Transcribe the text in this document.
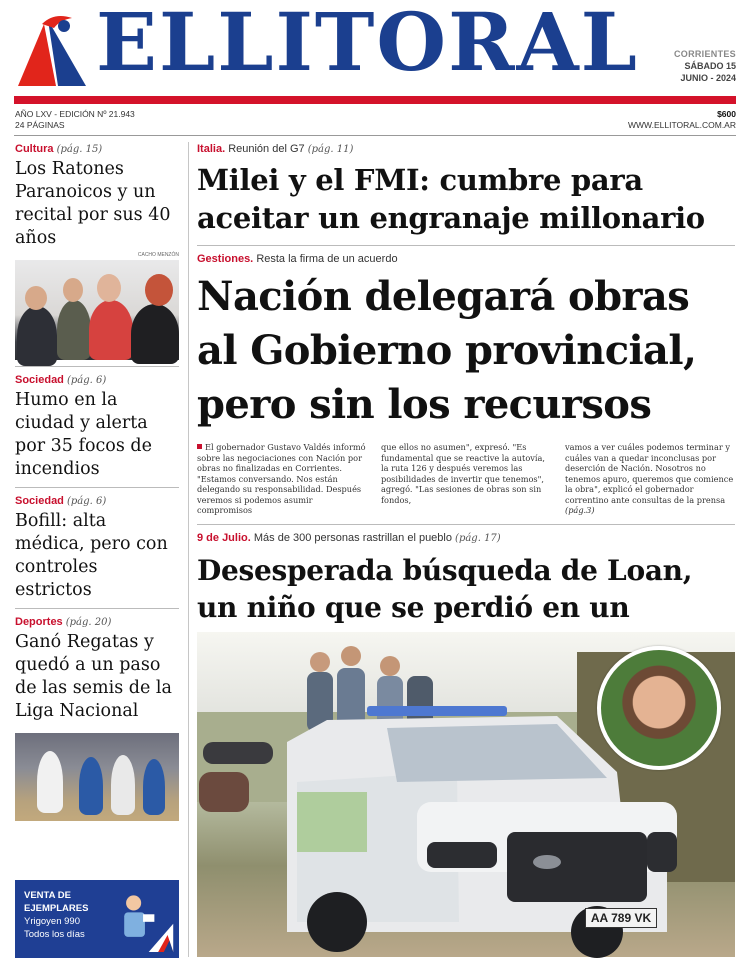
ELLITORAL	CORRIENTES
SÁBADO 15
JUNIO - 2024
AÑO LXV - EDICIÓN Nº 21.943
24 PÁGINAS
$600
WWW.ELLITORAL.COM.AR
Cultura (pág. 15)
Los Ratones Paranoicos y un recital por sus 40 años
CACHO MENZÓN
Sociedad (pág. 6)
Humo en la ciudad y alerta por 35 focos de incendios
Sociedad (pág. 6)
Bofill: alta médica, pero con controles estrictos
Deportes (pág. 20)
Ganó Regatas y quedó a un paso de las semis de la Liga Nacional
VENTA DE
EJEMPLARES
Yrigoyen 990
Todos los días
Italia. Reunión del G7 (pág. 11)
Milei y el FMI: cumbre para aceitar un engranaje millonario
Gestiones. Resta la firma de un acuerdo
Nación delegará obras al Gobierno provincial, pero sin los recursos
El gobernador Gustavo Valdés informó sobre las negociaciones con Nación por obras no finalizadas en Corrientes. "Estamos conversando. Nos están delegando su responsabilidad. Después veremos si podemos asumir compromisos
que ellos no asumen", expresó. "Es fundamental que se reactive la autovía, la ruta 126 y después veremos las posibilidades de invertir que tenemos", agregó. "Las sesiones de obras son sin fondos,
vamos a ver cuáles podemos terminar y cuáles van a quedar inconclusas por deserción de Nación. Nosotros no tenemos apuro, queremos que comience la obra", explicó el gobernador correntino ante consultas de la prensa (pág.3)
9 de Julio. Más de 300 personas rastrillan el pueblo (pág. 17)
Desesperada búsqueda de Loan, un niño que se perdió en un
AA 789 VK
